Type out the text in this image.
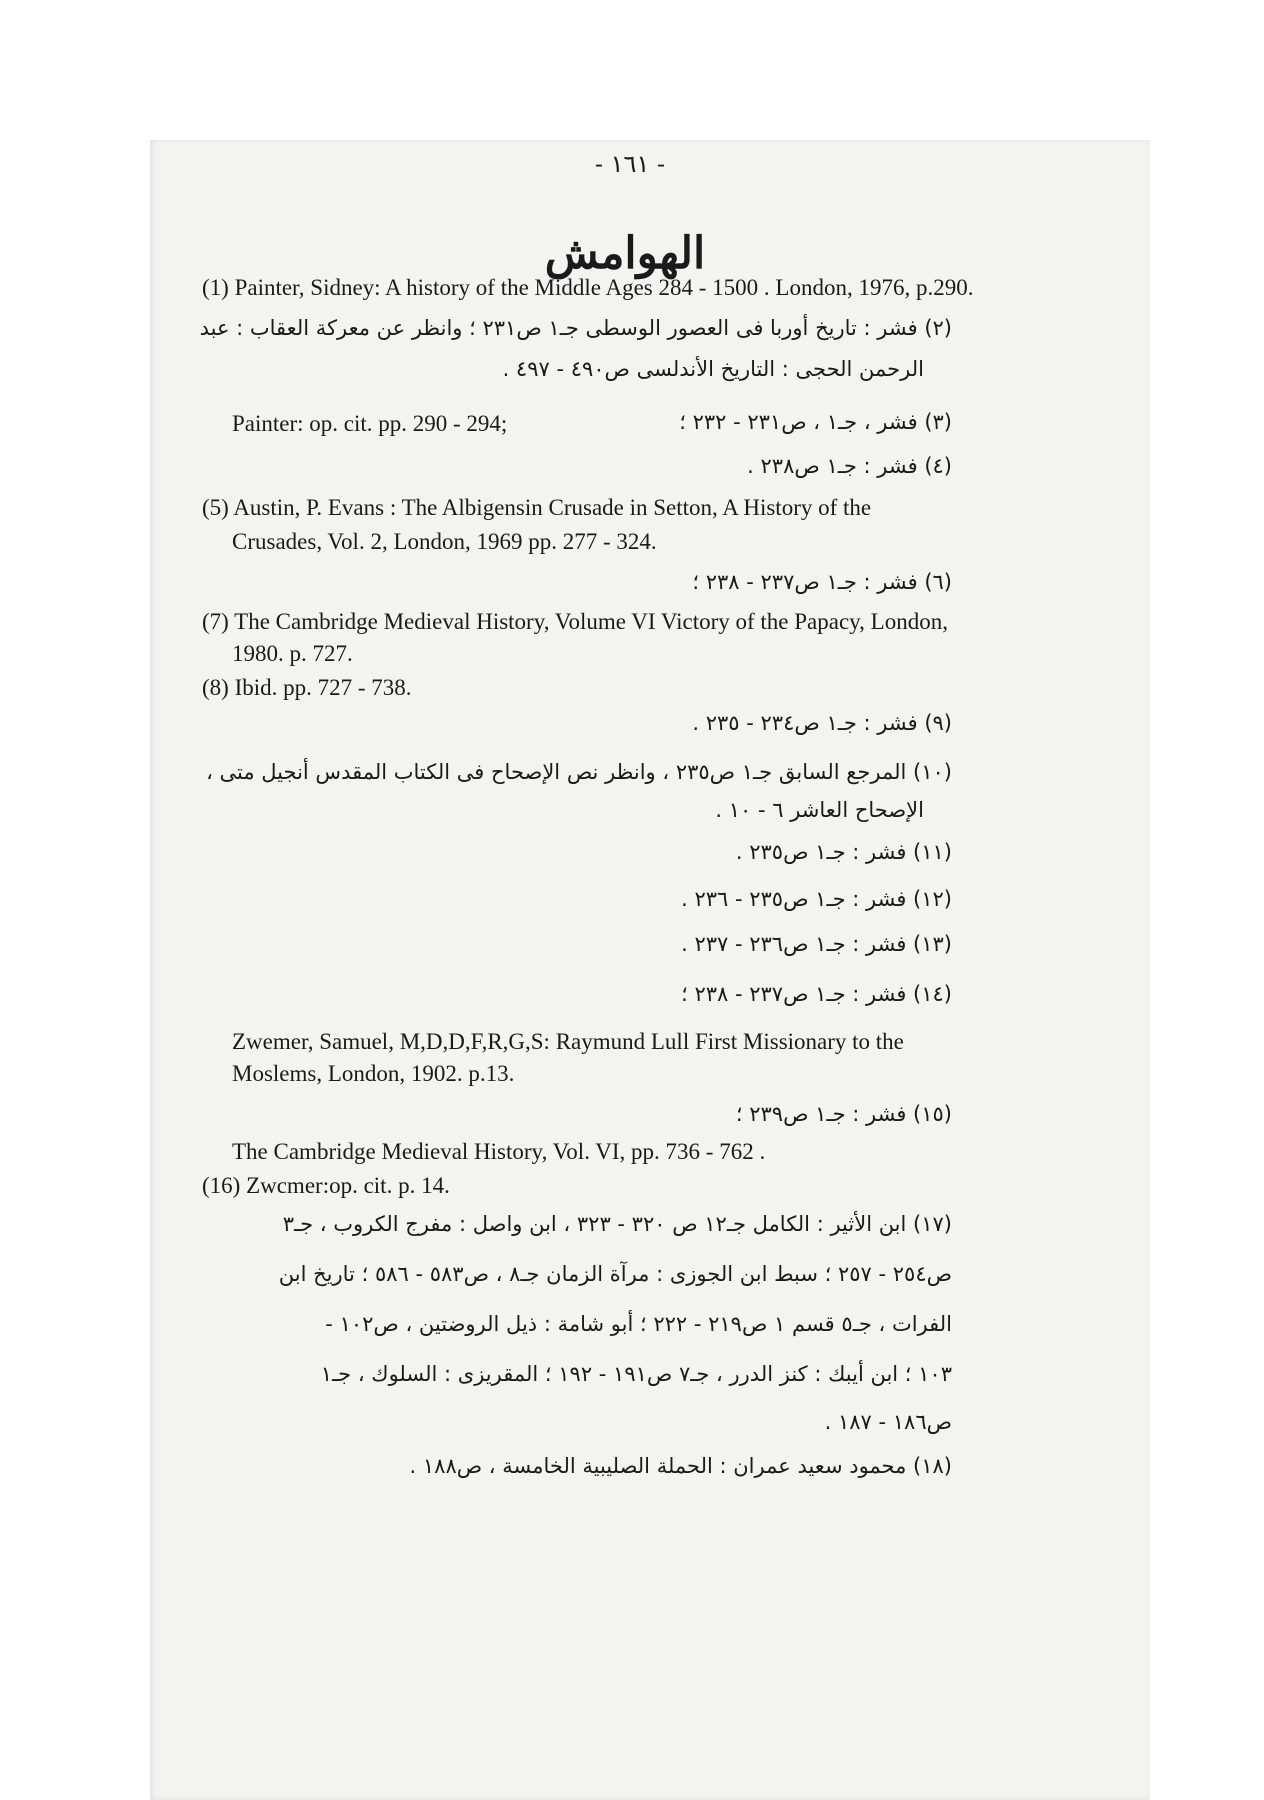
- ١٦١ -
الهوامش
(1) Painter, Sidney: A history of the Middle Ages 284 - 1500 . London, 1976, p.290.
(٢) فشر : تاريخ أوربا فى العصور الوسطى جـ١ ص٢٣١ ؛ وانظر عن معركة العقاب : عبد
الرحمن الحجى : التاريخ الأندلسى ص٤٩٠ - ٤٩٧ .
Painter: op. cit. pp. 290 - 294;	(٣) فشر ، جـ١ ، ص٢٣١ - ٢٣٢ ؛
(٤) فشر : جـ١ ص٢٣٨ .
(5) Austin, P. Evans : The Albigensin Crusade in Setton, A History of the
Crusades, Vol. 2, London, 1969 pp. 277 - 324.
(٦) فشر : جـ١ ص٢٣٧ - ٢٣٨ ؛
(7) The Cambridge Medieval History, Volume VI Victory of the Papacy, London,
1980. p. 727.
(8) Ibid. pp. 727 - 738.
(٩) فشر : جـ١ ص٢٣٤ - ٢٣٥ .
(١٠) المرجع السابق جـ١ ص٢٣٥ ، وانظر نص الإصحاح فى الكتاب المقدس أنجيل متى ،
الإصحاح العاشر ٦ - ١٠ .
(١١) فشر : جـ١ ص٢٣٥ .
(١٢) فشر : جـ١ ص٢٣٥ - ٢٣٦ .
(١٣) فشر : جـ١ ص٢٣٦ - ٢٣٧ .
(١٤) فشر : جـ١ ص٢٣٧ - ٢٣٨ ؛
Zwemer, Samuel, M,D,D,F,R,G,S: Raymund Lull First Missionary to the
Moslems, London, 1902. p.13.
(١٥) فشر : جـ١ ص٢٣٩ ؛
The Cambridge Medieval History, Vol. VI, pp. 736 - 762 .
(16) Zwcmer:op. cit. p. 14.
(١٧) ابن الأثير : الكامل جـ١٢ ص ٣٢٠ - ٣٢٣ ، ابن واصل : مفرج الكروب ، جـ٣
ص٢٥٤ - ٢٥٧ ؛ سبط ابن الجوزى : مرآة الزمان جـ٨ ، ص٥٨٣ - ٥٨٦ ؛ تاريخ ابن
الفرات ، جـ٥ قسم ١ ص٢١٩ - ٢٢٢ ؛ أبو شامة : ذيل الروضتين ، ص١٠٢ -
١٠٣ ؛ ابن أيبك : كنز الدرر ، جـ٧ ص١٩١ - ١٩٢ ؛ المقريزى : السلوك ، جـ١
ص١٨٦ - ١٨٧ .
(١٨) محمود سعيد عمران : الحملة الصليبية الخامسة ، ص١٨٨ .
